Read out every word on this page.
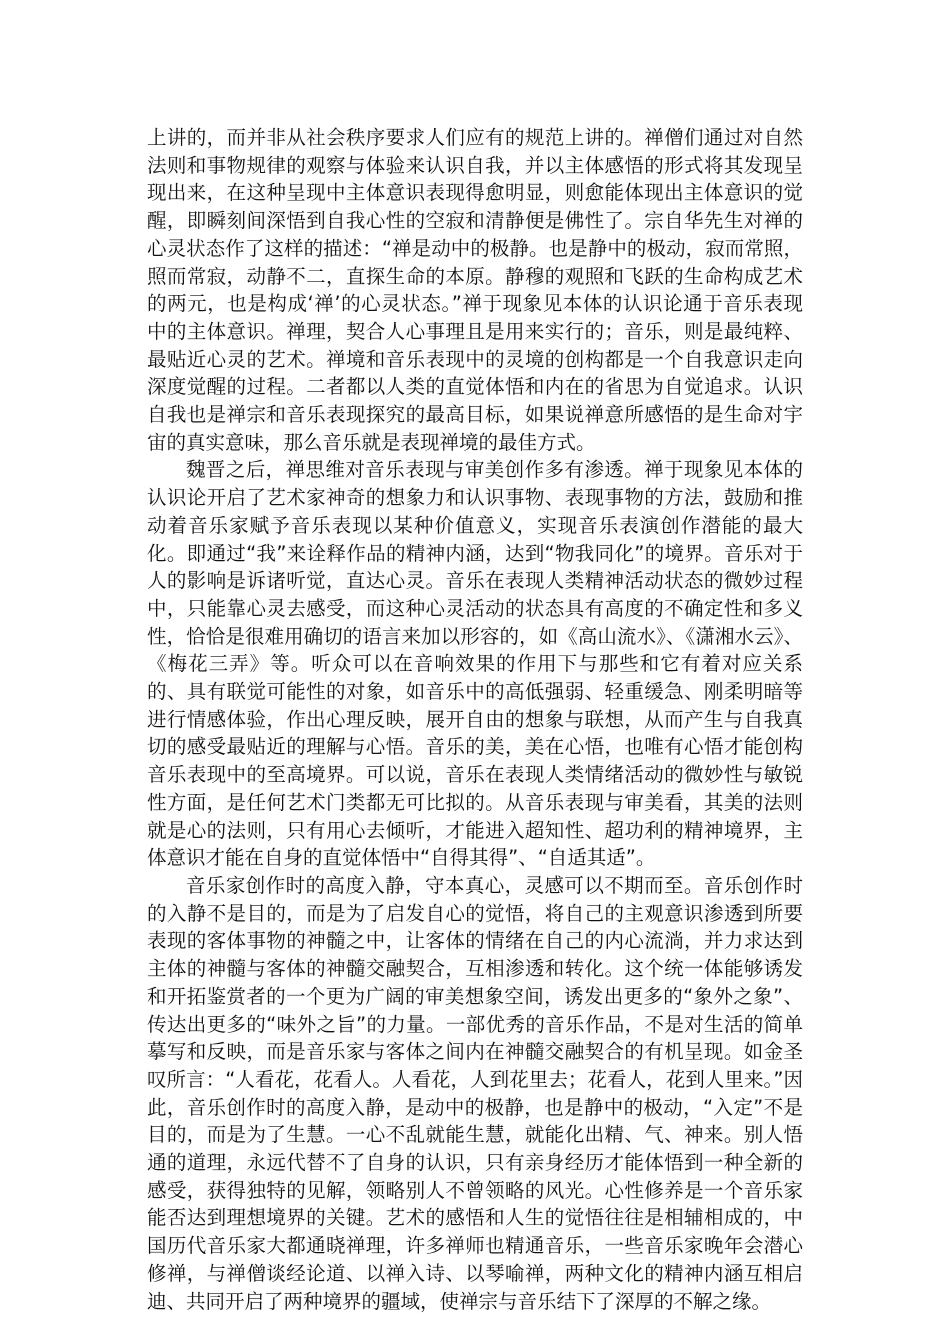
上讲的，而并非从社会秩序要求人们应有的规范上讲的。禅僧们通过对自然法则和事物规律的观察与体验来认识自我，并以主体感悟的形式将其发现呈现出来，在这种呈现中主体意识表现得愈明显，则愈能体现出主体意识的觉醒，即瞬刻间深悟到自我心性的空寂和清静便是佛性了。宗自华先生对禅的心灵状态作了这样的描述：“禅是动中的极静。也是静中的极动，寂而常照，照而常寂，动静不二，直探生命的本原。静穆的观照和飞跃的生命构成艺术的两元，也是构成‘禅’的心灵状态。”禅于现象见本体的认识论通于音乐表现中的主体意识。禅理，契合人心事理且是用来实行的；音乐，则是最纯粹、最贴近心灵的艺术。禅境和音乐表现中的灵境的创构都是一个自我意识走向深度觉醒的过程。二者都以人类的直觉体悟和内在的省思为自觉追求。认识自我也是禅宗和音乐表现探究的最高目标，如果说禅意所感悟的是生命对宇宙的真实意味，那么音乐就是表现禅境的最佳方式。

魏晋之后，禅思维对音乐表现与审美创作多有渗透。禅于现象见本体的认识论开启了艺术家神奇的想象力和认识事物、表现事物的方法，鼓励和推动着音乐家赋予音乐表现以某种价值意义，实现音乐表演创作潜能的最大化。即通过“我”来诠释作品的精神内涵，达到“物我同化”的境界。音乐对于人的影响是诉诸听觉，直达心灵。音乐在表现人类精神活动状态的微妙过程中，只能靠心灵去感受，而这种心灵活动的状态具有高度的不确定性和多义性，恰恰是很难用确切的语言来加以形容的，如《高山流水》、《潇湘水云》、《梅花三弄》等。听众可以在音响效果的作用下与那些和它有着对应关系的、具有联觉可能性的对象，如音乐中的高低强弱、轻重缓急、刚柔明暗等进行情感体验，作出心理反映，展开自由的想象与联想，从而产生与自我真切的感受最贴近的理解与心悟。音乐的美，美在心悟，也唯有心悟才能创构音乐表现中的至高境界。可以说，音乐在表现人类情绪活动的微妙性与敏锐性方面，是任何艺术门类都无可比拟的。从音乐表现与审美看，其美的法则就是心的法则，只有用心去倾听，才能进入超知性、超功利的精神境界，主体意识才能在自身的直觉体悟中“自得其得”、“自适其适”。

音乐家创作时的高度入静，守本真心，灵感可以不期而至。音乐创作时的入静不是目的，而是为了启发自心的觉悟，将自己的主观意识渗透到所要表现的客体事物的神髓之中，让客体的情绪在自己的内心流淌，并力求达到主体的神髓与客体的神髓交融契合，互相渗透和转化。这个统一体能够诱发和开拓鉴赏者的一个更为广阔的审美想象空间，诱发出更多的“象外之象”、传达出更多的“味外之旨”的力量。一部优秀的音乐作品，不是对生活的简单摹写和反映，而是音乐家与客体之间内在神髓交融契合的有机呈现。如金圣叹所言：“人看花，花看人。人看花，人到花里去；花看人，花到人里来。”因此，音乐创作时的高度入静，是动中的极静，也是静中的极动，“入定”不是目的，而是为了生慧。一心不乱就能生慧，就能化出精、气、神来。别人悟通的道理，永远代替不了自身的认识，只有亲身经历才能体悟到一种全新的感受，获得独特的见解，领略别人不曾领略的风光。心性修养是一个音乐家能否达到理想境界的关键。艺术的感悟和人生的觉悟往往是相辅相成的，中国历代音乐家大都通晓禅理，许多禅师也精通音乐，一些音乐家晚年会潜心修禅，与禅僧谈经论道、以禅入诗、以琴喻禅，两种文化的精神内涵互相启迪、共同开启了两种境界的疆域，使禅宗与音乐结下了深厚的不解之缘。
